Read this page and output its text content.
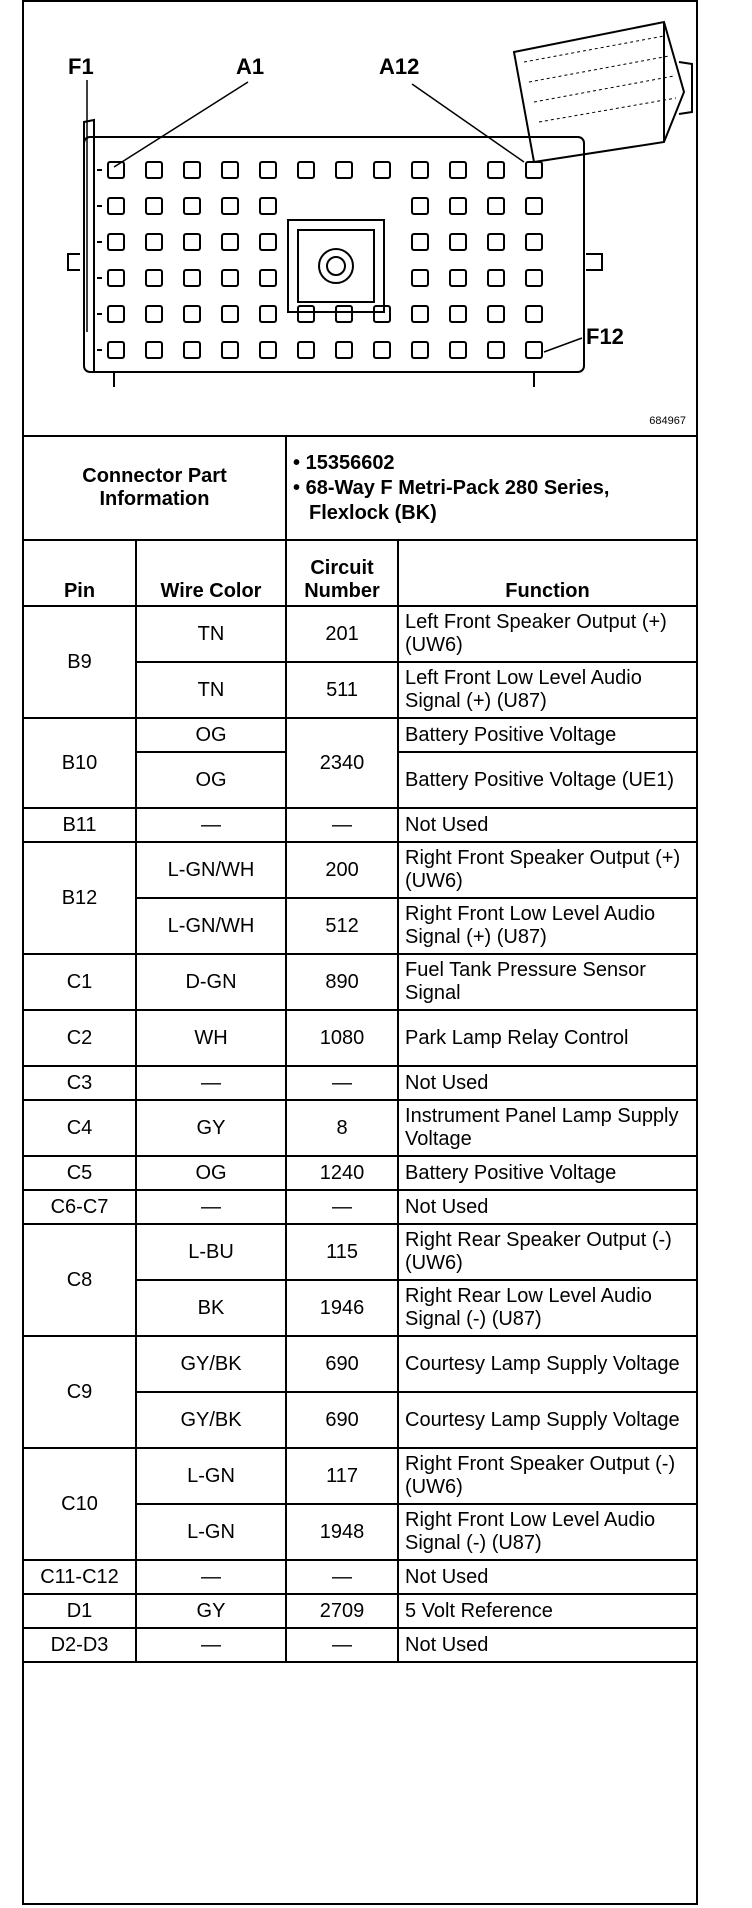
F1	A1	A12
F12
684967
Connector Part Information		• 15356602
• 68-Way F Metri-Pack 280 Series, Flexlock (BK)	

Pin	Wire Color	Circuit Number	Function
B9	TN	201	Left Front Speaker Output (+) (UW6)
	TN	511	Left Front Low Level Audio Signal (+) (U87)
B10	OG	2340	Battery Positive Voltage
	OG		Battery Positive Voltage (UE1)
B11	—	—	Not Used
B12	L-GN/WH	200	Right Front Speaker Output (+) (UW6)
	L-GN/WH	512	Right Front Low Level Audio Signal (+) (U87)
C1	D-GN	890	Fuel Tank Pressure Sensor Signal
C2	WH	1080	Park Lamp Relay Control
C3	—	—	Not Used
C4	GY	8	Instrument Panel Lamp Supply Voltage
C5	OG	1240	Battery Positive Voltage
C6-C7	—	—	Not Used
C8	L-BU	115	Right Rear Speaker Output (-) (UW6)
	BK	1946	Right Rear Low Level Audio Signal (-) (U87)
C9	GY/BK	690	Courtesy Lamp Supply Voltage
	GY/BK	690	Courtesy Lamp Supply Voltage
C10	L-GN	117	Right Front Speaker Output (-) (UW6)
	L-GN	1948	Right Front Low Level Audio Signal (-) (U87)
C11-C12	—	—	Not Used
D1	GY	2709	5 Volt Reference
D2-D3	—	—	Not Used
